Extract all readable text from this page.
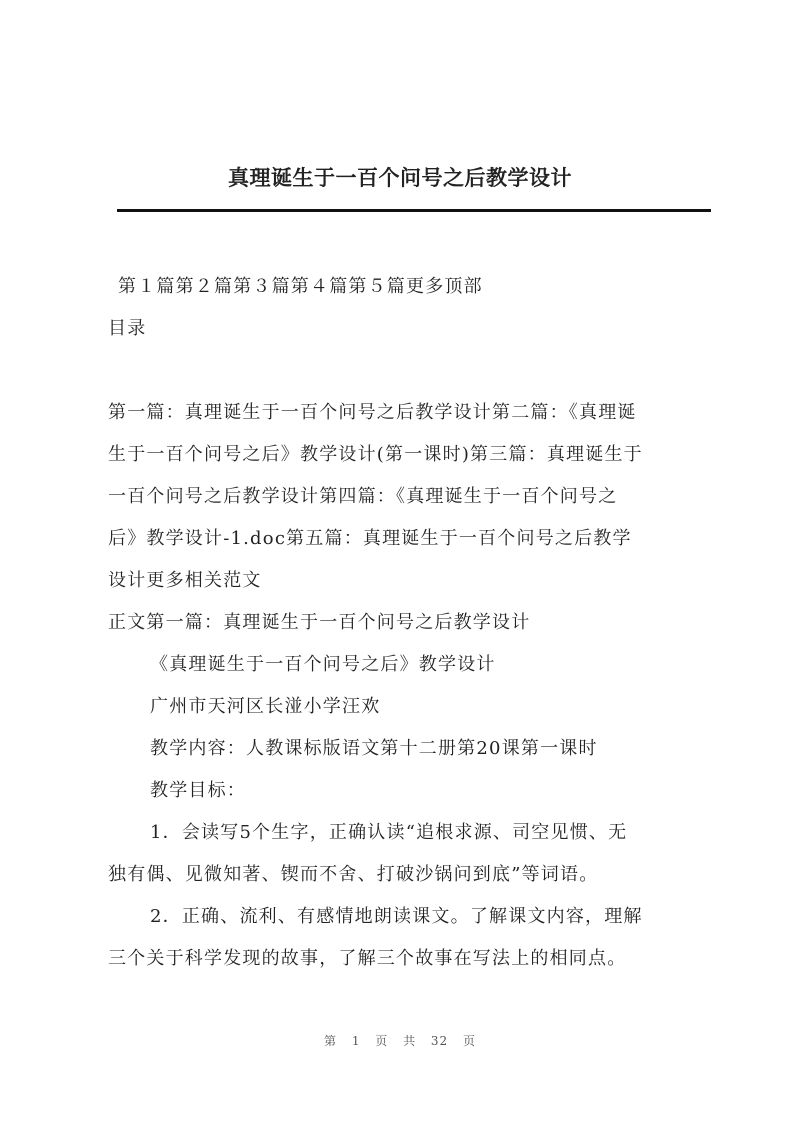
真理诞生于一百个问号之后教学设计
第１篇第２篇第３篇第４篇第５篇更多顶部
目录
第一篇：真理诞生于一百个问号之后教学设计第二篇：《真理诞
生于一百个问号之后》教学设计(第一课时)第三篇：真理诞生于
一百个问号之后教学设计第四篇：《真理诞生于一百个问号之
后》教学设计-1.doc第五篇：真理诞生于一百个问号之后教学
设计更多相关范文
正文第一篇：真理诞生于一百个问号之后教学设计
《真理诞生于一百个问号之后》教学设计
广州市天河区长湴小学汪欢
教学内容：人教课标版语文第十二册第20课第一课时
教学目标：
1．会读写5个生字，正确认读“追根求源、司空见惯、无
独有偶、见微知著、锲而不舍、打破沙锅问到底”等词语。
2．正确、流利、有感情地朗读课文。了解课文内容，理解
三个关于科学发现的故事，了解三个故事在写法上的相同点。
第 1 页 共 32 页
